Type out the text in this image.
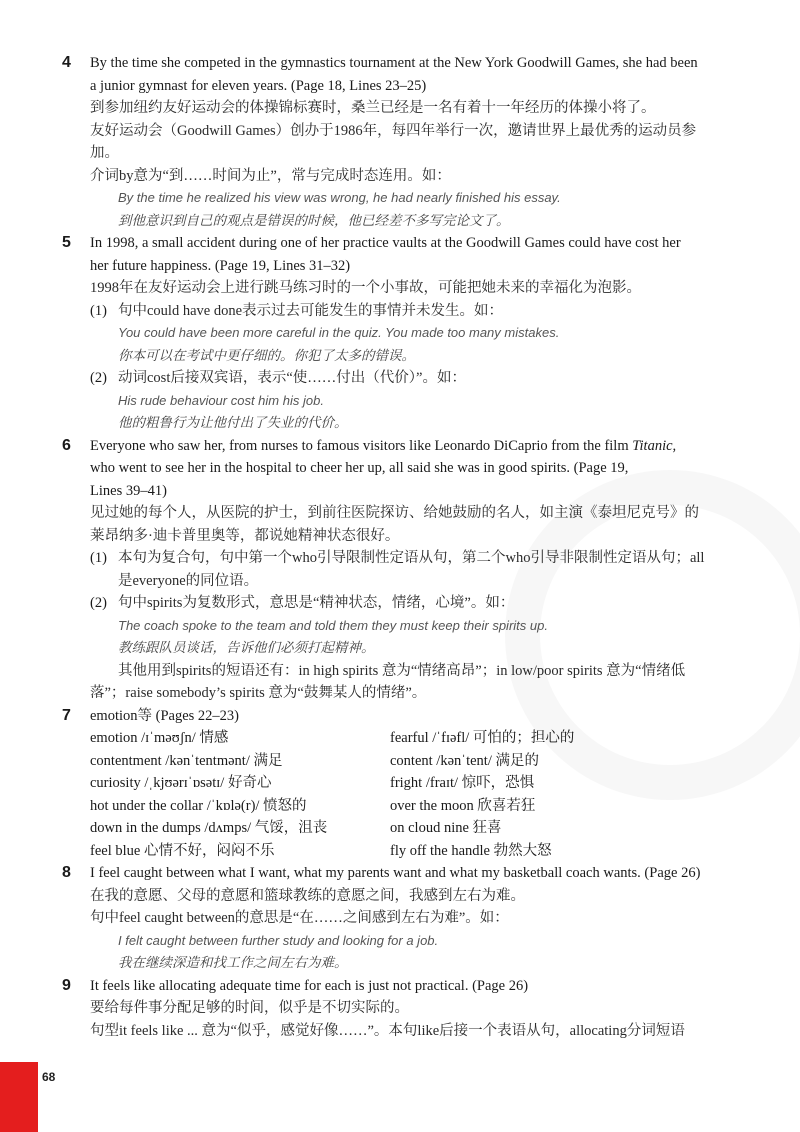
4 By the time she competed in the gymnastics tournament at the New York Goodwill Games, she had been

a junior gymnast for eleven years. (Page 18, Lines 23–25)

到参加纽约友好运动会的体操锦标赛时，桑兰已经是一名有着十一年经历的体操小将了。

友好运动会（Goodwill Games）创办于1986年，每四年举行一次，邀请世界上最优秀的运动员参

加。

介词by意为“到……时间为止”，常与完成时态连用。如：

By the time he realized his view was wrong, he had nearly finished his essay.

到他意识到自己的观点是错误的时候，他已经差不多写完论文了。

5 In 1998, a small accident during one of her practice vaults at the Goodwill Games could have cost her

her future happiness. (Page 19, Lines 31–32)

1998年在友好运动会上进行跳马练习时的一个小事故，可能把她未来的幸福化为泡影。

(1) 句中could have done表示过去可能发生的事情并未发生。如：

You could have been more careful in the quiz. You made too many mistakes.

你本可以在考试中更仔细的。你犯了太多的错误。

(2) 动词cost后接双宾语，表示“使……付出（代价）”。如：

His rude behaviour cost him his job.

他的粗鲁行为让他付出了失业的代价。

6 Everyone who saw her, from nurses to famous visitors like Leonardo DiCaprio from the film Titanic,

who went to see her in the hospital to cheer her up, all said she was in good spirits. (Page 19,

Lines 39–41)

见过她的每个人，从医院的护士，到前往医院探访、给她鼓励的名人，如主演《泰坦尼克号》的

莱昂纳多·迪卡普里奥等，都说她精神状态很好。

(1) 本句为复合句，句中第一个who引导限制性定语从句，第二个who引导非限制性定语从句；all

是everyone的同位语。

(2) 句中spirits为复数形式，意思是“精神状态，情绪，心境”。如：

The coach spoke to the team and told them they must keep their spirits up.

教练跟队员谈话，告诉他们必须打起精神。

其他用到spirits的短语还有：in high spirits 意为“情绪高昂”；in low/poor spirits 意为“情绪低

落”；raise somebody’s spirits 意为“鼓舞某人的情绪”。

7 emotion等 (Pages 22–23)

emotion /ɪˈməʊʃn/ 情感	fearful /ˈfɪəfl/ 可怕的；担心的
contentment /kənˈtentmənt/ 满足	content /kənˈtent/ 满足的
curiosity /ˌkjʊərɪˈɒsətɪ/ 好奇心	fright /fraɪt/ 惊吓，恐惧
hot under the collar /ˈkɒlə(r)/ 愤怒的	over the moon 欣喜若狂
down in the dumps /dʌmps/ 气馁，沮丧	on cloud nine 狂喜
feel blue 心情不好，闷闷不乐	fly off the handle 勃然大怒
8 I feel caught between what I want, what my parents want and what my basketball coach wants. (Page 26)

在我的意愿、父母的意愿和篮球教练的意愿之间，我感到左右为难。

句中feel caught between的意思是“在……之间感到左右为难”。如：

I felt caught between further study and looking for a job.

我在继续深造和找工作之间左右为难。

9 It feels like allocating adequate time for each is just not practical. (Page 26)

要给每件事分配足够的时间，似乎是不切实际的。

句型it feels like ... 意为“似乎，感觉好像……”。本句like后接一个表语从句，allocating分词短语

68
